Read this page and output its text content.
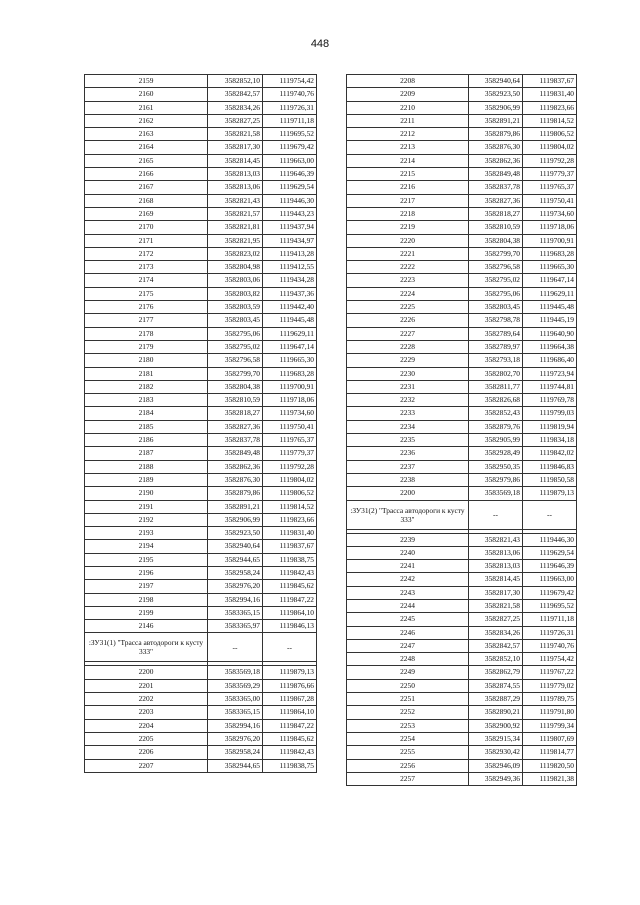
448
2159	3582852,10	1119754,42
2160	3582842,57	1119740,76
2161	3582834,26	1119726,31
2162	3582827,25	1119711,18
2163	3582821,58	1119695,52
2164	3582817,30	1119679,42
2165	3582814,45	1119663,00
2166	3582813,03	1119646,39
2167	3582813,06	1119629,54
2168	3582821,43	1119446,30
2169	3582821,57	1119443,23
2170	3582821,81	1119437,94
2171	3582821,95	1119434,97
2172	3582823,02	1119413,28
2173	3582804,98	1119412,55
2174	3582803,06	1119434,28
2175	3582803,82	1119437,36
2176	3582803,59	1119442,40
2177	3582803,45	1119445,48
2178	3582795,06	1119629,11
2179	3582795,02	1119647,14
2180	3582796,58	1119665,30
2181	3582799,70	1119683,28
2182	3582804,38	1119700,91
2183	3582810,59	1119718,06
2184	3582818,27	1119734,60
2185	3582827,36	1119750,41
2186	3582837,78	1119765,37
2187	3582849,48	1119779,37
2188	3582862,36	1119792,28
2189	3582876,30	1119804,02
2190	3582879,86	1119806,52
2191	3582891,21	1119814,52
2192	3582906,99	1119823,66
2193	3582923,50	1119831,40
2194	3582940,64	1119837,67
2195	3582944,65	1119838,75
2196	3582958,24	1119842,43
2197	3582976,20	1119845,62
2198	3582994,16	1119847,22
2199	3583365,15	1119864,10
2146	3583365,97	1119846,13
:ЗУ31(1) "Трасса автодороги к кусту 333"	--	--

2200	3583569,18	1119879,13
2201	3583569,29	1119876,66
2202	3583365,00	1119867,28
2203	3583365,15	1119864,10
2204	3582994,16	1119847,22
2205	3582976,20	1119845,62
2206	3582958,24	1119842,43
2207	3582944,65	1119838,75
2208	3582940,64	1119837,67
2209	3582923,50	1119831,40
2210	3582906,99	1119823,66
2211	3582891,21	1119814,52
2212	3582879,86	1119806,52
2213	3582876,30	1119804,02
2214	3582862,36	1119792,28
2215	3582849,48	1119779,37
2216	3582837,78	1119765,37
2217	3582827,36	1119750,41
2218	3582818,27	1119734,60
2219	3582810,59	1119718,06
2220	3582804,38	1119700,91
2221	3582799,70	1119683,28
2222	3582796,58	1119665,30
2223	3582795,02	1119647,14
2224	3582795,06	1119629,11
2225	3582803,45	1119445,48
2226	3582798,78	1119445,19
2227	3582789,64	1119640,90
2228	3582789,97	1119664,38
2229	3582793,18	1119686,40
2230	3582802,70	1119723,94
2231	3582811,77	1119744,81
2232	3582826,68	1119769,78
2233	3582852,43	1119799,03
2234	3582879,76	1119819,94
2235	3582905,99	1119834,18
2236	3582928,49	1119842,02
2237	3582950,35	1119846,83
2238	3582979,86	1119850,58
2200	3583569,18	1119879,13
:ЗУ31(2) "Трасса автодороги к кусту 333"	--	--

2239	3582821,43	1119446,30
2240	3582813,06	1119629,54
2241	3582813,03	1119646,39
2242	3582814,45	1119663,00
2243	3582817,30	1119679,42
2244	3582821,58	1119695,52
2245	3582827,25	1119711,18
2246	3582834,26	1119726,31
2247	3582842,57	1119740,76
2248	3582852,10	1119754,42
2249	3582862,79	1119767,22
2250	3582874,55	1119779,02
2251	3582887,29	1119789,75
2252	3582890,21	1119791,80
2253	3582900,92	1119799,34
2254	3582915,34	1119807,69
2255	3582930,42	1119814,77
2256	3582946,09	1119820,50
2257	3582949,36	1119821,38
